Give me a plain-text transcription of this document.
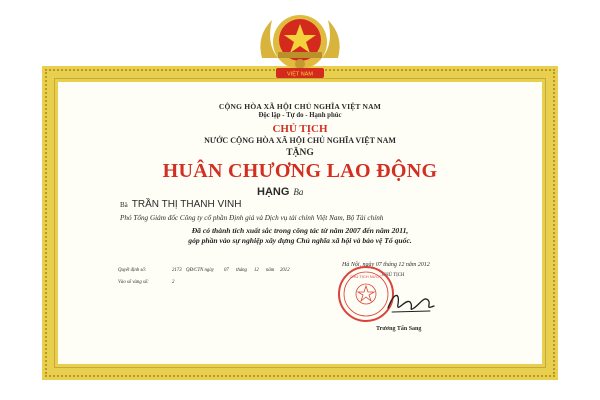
VIỆT NAM
CỘNG HÒA XÃ HỘI CHỦ NGHĨA VIỆT NAM
Độc lập - Tự do - Hạnh phúc
CHỦ TỊCH
NƯỚC CỘNG HÒA XÃ HỘI CHỦ NGHĨA VIỆT NAM
TẶNG
HUÂN CHƯƠNG LAO ĐỘNG
HẠNG Ba
Bà TRẦN THỊ THANH VINH
Phó Tổng Giám đốc Công ty cổ phần Định giá và Dịch vụ tài chính Việt Nam, Bộ Tài chính
Đã có thành tích xuất sắc trong công tác từ năm 2007 đến năm 2011,
góp phần vào sự nghiệp xây dựng Chủ nghĩa xã hội và bảo vệ Tổ quốc.
Quyết định số:	2173 QĐ/CTN ngày 07 tháng 12 năm 2012
Vào sổ vàng số:	2
Hà Nội, ngày 07 tháng 12 năm 2012
CHỦ TỊCH
CHỦ TỊCH NƯỚC
Trương Tấn Sang
